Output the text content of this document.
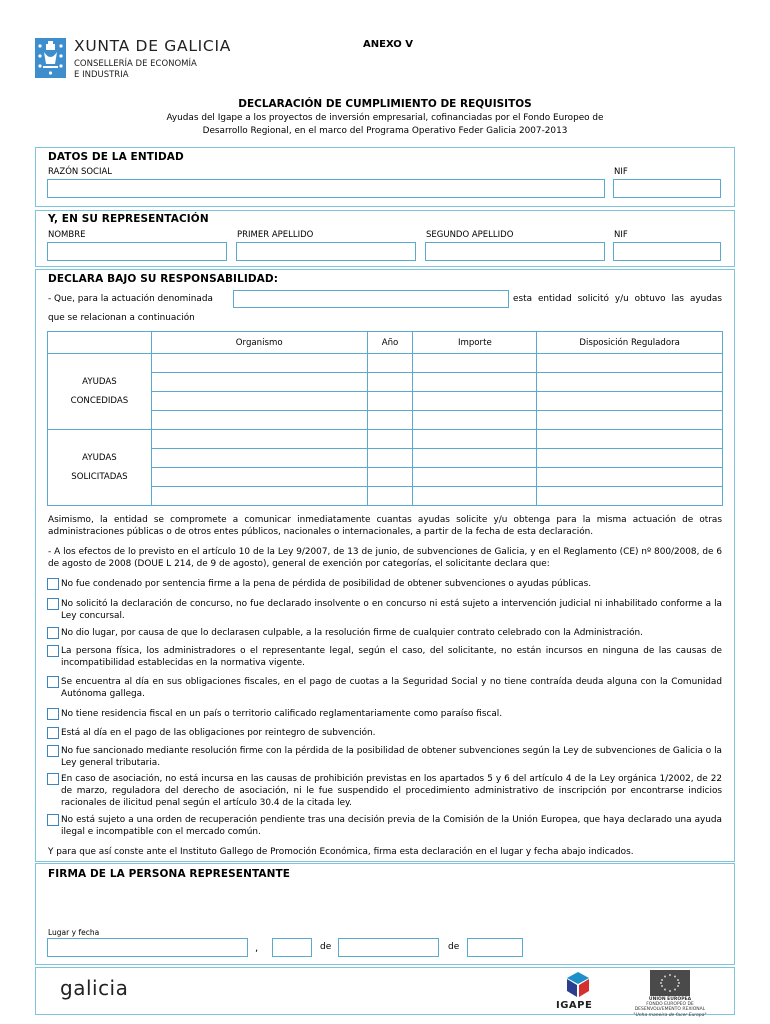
XUNTA DE GALICIA
CONSELLERÍA DE ECONOMÍA
E INDUSTRIA
ANEXO V
DECLARACIÓN DE CUMPLIMIENTO DE REQUISITOS
Ayudas del Igape a los proyectos de inversión empresarial, cofinanciadas por el Fondo Europeo de
Desarrollo Regional, en el marco del Programa Operativo Feder Galicia 2007-2013
DATOS DE LA ENTIDAD
RAZÓN SOCIAL	NIF
Y, EN SU REPRESENTACIÓN
NOMBRE	PRIMER APELLIDO	SEGUNDO APELLIDO	NIF
DECLARA BAJO SU RESPONSABILIDAD:
- Que, para la actuación denominada	esta entidad solicitó y/u obtuvo las ayudas
que se relacionan a continuación
	Organismo	Año	Importe	Disposición Reguladora

AYUDAS
CONCEDIDAS				

AYUDAS
SOLICITADAS				

Asimismo, la entidad se compromete a comunicar inmediatamente cuantas ayudas solicite y/u obtenga para la misma actuación de otras administraciones públicas o de otros entes públicos, nacionales o internacionales, a partir de la fecha de esta declaración.
- A los efectos de lo previsto en el artículo 10 de la Ley 9/2007, de 13 de junio, de subvenciones de Galicia, y en el Reglamento (CE) nº 800/2008, de 6 de agosto de 2008 (DOUE L 214, de 9 de agosto), general de exención por categorías, el solicitante declara que:
No fue condenado por sentencia firme a la pena de pérdida de posibilidad de obtener subvenciones o ayudas públicas.
No solicitó la declaración de concurso, no fue declarado insolvente o en concurso ni está sujeto a intervención judicial ni inhabilitado conforme a la Ley concursal.
No dio lugar, por causa de que lo declarasen culpable, a la resolución firme de cualquier contrato celebrado con la Administración.
La persona física, los administradores o el representante legal, según el caso, del solicitante, no están incursos en ninguna de las causas de incompatibilidad establecidas en la normativa vigente.
Se encuentra al día en sus obligaciones fiscales, en el pago de cuotas a la Seguridad Social y no tiene contraída deuda alguna con la Comunidad Autónoma gallega.
No tiene residencia fiscal en un país o territorio calificado reglamentariamente como paraíso fiscal.
Está al día en el pago de las obligaciones por reintegro de subvención.
No fue sancionado mediante resolución firme con la pérdida de la posibilidad de obtener subvenciones según la Ley de subvenciones de Galicia o la Ley general tributaria.
En caso de asociación, no está incursa en las causas de prohibición previstas en los apartados 5 y 6 del artículo 4 de la Ley orgánica 1/2002, de 22 de marzo, reguladora del derecho de asociación, ni le fue suspendido el procedimiento administrativo de inscripción por encontrarse indicios racionales de ilicitud penal según el artículo 30.4 de la citada ley.
No está sujeto a una orden de recuperación pendiente tras una decisión previa de la Comisión de la Unión Europea, que haya declarado una ayuda ilegal e incompatible con el mercado común.
Y para que así conste ante el Instituto Gallego de Promoción Económica, firma esta declaración en el lugar y fecha abajo indicados.
FIRMA DE LA PERSONA REPRESENTANTE
Lugar y fecha
,	de	de
galicia
IGAPE
UNIÓN EUROPEA
FONDO EUROPEO DE
DESENVOLVEMENTO REXIONAL
"Unha maneira de facer Europa"
